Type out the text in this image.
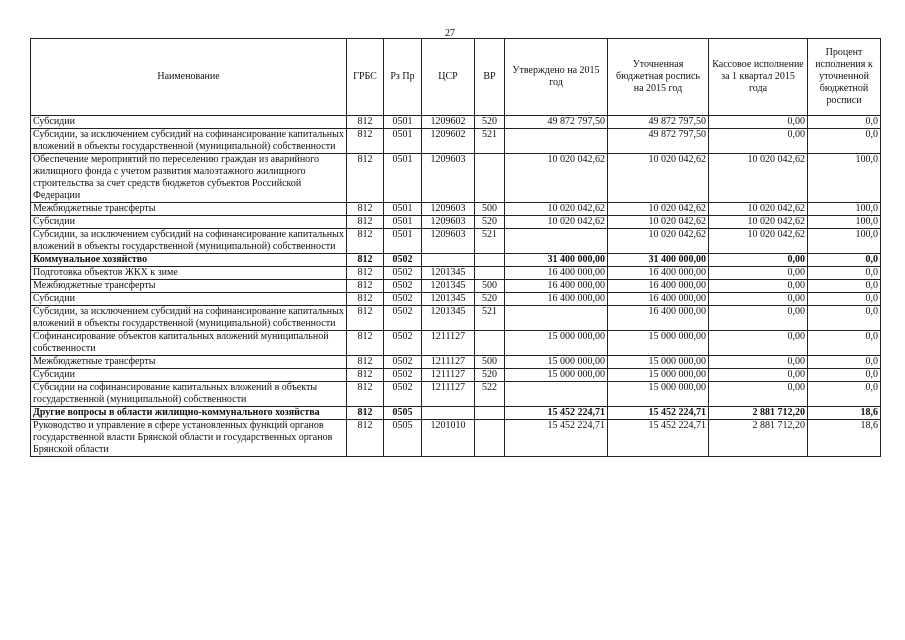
27
Наименование	ГРБС	Рз Пр	ЦСР	ВР	Утверждено на 2015 год	Уточненная бюджетная роспись на 2015 год	Кассовое исполнение за 1 квартал 2015 года	Процент исполнения к уточненной бюджетной росписи
Субсидии	812	0501	1209602	520	49 872 797,50	49 872 797,50	0,00	0,0
Субсидии, за исключением субсидий на софинансирование капитальных вложений в объекты государственной (муниципальной) собственности	812	0501	1209602	521		49 872 797,50	0,00	0,0
Обеспечение мероприятий по переселению граждан из аварийного жилищного фонда с учетом развития малоэтажного жилищного строительства за счет средств бюджетов субъектов Российской Федерации	812	0501	1209603		10 020 042,62	10 020 042,62	10 020 042,62	100,0
Межбюджетные трансферты	812	0501	1209603	500	10 020 042,62	10 020 042,62	10 020 042,62	100,0
Субсидии	812	0501	1209603	520	10 020 042,62	10 020 042,62	10 020 042,62	100,0
Субсидии, за исключением субсидий на софинансирование капитальных вложений в объекты государственной (муниципальной) собственности	812	0501	1209603	521		10 020 042,62	10 020 042,62	100,0
Коммунальное хозяйство	812	0502			31 400 000,00	31 400 000,00	0,00	0,0
Подготовка объектов ЖКХ к зиме	812	0502	1201345		16 400 000,00	16 400 000,00	0,00	0,0
Межбюджетные трансферты	812	0502	1201345	500	16 400 000,00	16 400 000,00	0,00	0,0
Субсидии	812	0502	1201345	520	16 400 000,00	16 400 000,00	0,00	0,0
Субсидии, за исключением субсидий на софинансирование капитальных вложений в объекты государственной (муниципальной) собственности	812	0502	1201345	521		16 400 000,00	0,00	0,0
Софинансирование объектов капитальных вложений муниципальной собственности	812	0502	1211127		15 000 000,00	15 000 000,00	0,00	0,0
Межбюджетные трансферты	812	0502	1211127	500	15 000 000,00	15 000 000,00	0,00	0,0
Субсидии	812	0502	1211127	520	15 000 000,00	15 000 000,00	0,00	0,0
Субсидии на софинансирование капитальных вложений в объекты государственной (муниципальной) собственности	812	0502	1211127	522		15 000 000,00	0,00	0,0
Другие вопросы в области жилищно-коммунального хозяйства	812	0505			15 452 224,71	15 452 224,71	2 881 712,20	18,6
Руководство и управление в сфере установленных функций органов государственной власти Брянской области и государственных органов Брянской области	812	0505	1201010		15 452 224,71	15 452 224,71	2 881 712,20	18,6
